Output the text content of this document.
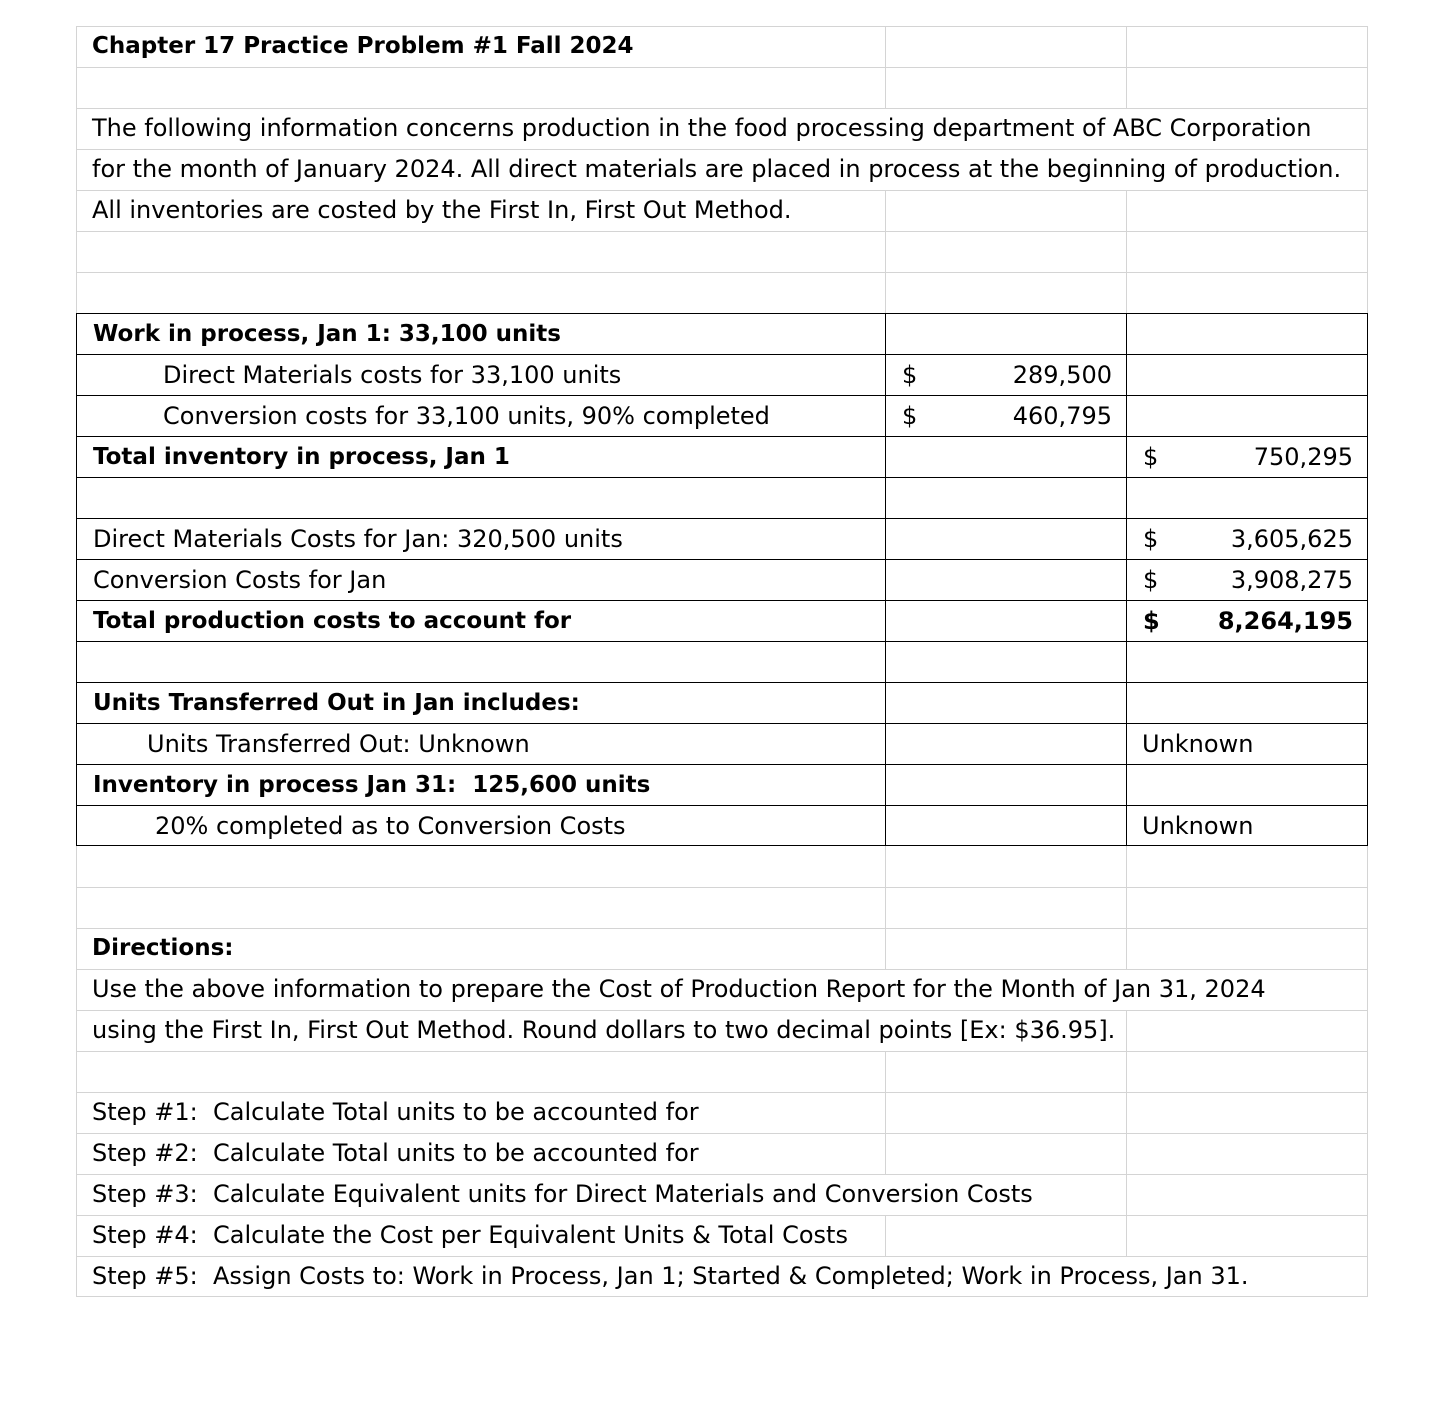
Chapter 17 Practice Problem #1 Fall 2024
The following information concerns production in the food processing department of ABC Corporation
for the month of January 2024. All direct materials are placed in process at the beginning of production.
All inventories are costed by the First In, First Out Method.
Work in process, Jan 1: 33,100 units
Direct Materials costs for 33,100 units	$	289,500
Conversion costs for 33,100 units, 90% completed	$	460,795
Total inventory in process, Jan 1	$	750,295
Direct Materials Costs for Jan: 320,500 units	$	3,605,625
Conversion Costs for Jan	$	3,908,275
Total production costs to account for	$ 8,264,195
Units Transferred Out in Jan includes:
Units Transferred Out: Unknown	Unknown
Inventory in process Jan 31:  125,600 units
20% completed as to Conversion Costs	Unknown
Directions:
Use the above information to prepare the Cost of Production Report for the Month of Jan 31, 2024
using the First In, First Out Method. Round dollars to two decimal points [Ex: $36.95].
Step #1:  Calculate Total units to be accounted for
Step #2:  Calculate Total units to be accounted for
Step #3:  Calculate Equivalent units for Direct Materials and Conversion Costs
Step #4:  Calculate the Cost per Equivalent Units & Total Costs
Step #5:  Assign Costs to: Work in Process, Jan 1; Started & Completed; Work in Process, Jan 31.
